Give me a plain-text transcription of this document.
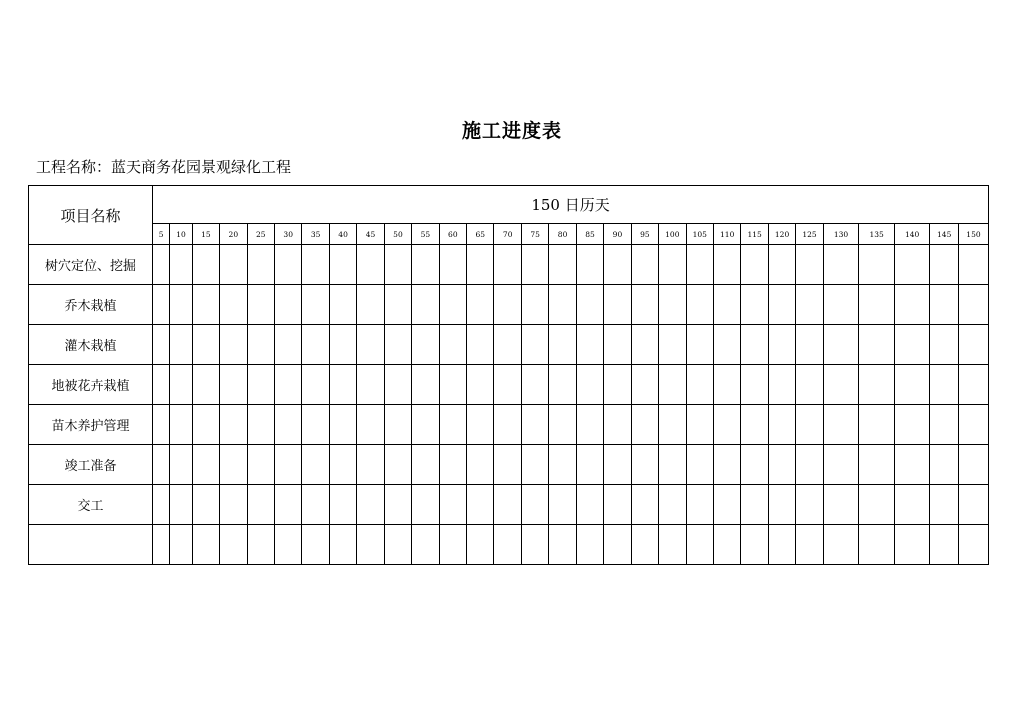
施工进度表
工程名称：蓝天商务花园景观绿化工程
项目名称	150 日历天																													
	5	10	15	20	25	30	35	40	45	50	55	60	65	70	75	80	85	90	95	100	105	110	115	120	125	130	135	140	145	150
树穴定位、挖掘																														
乔木栽植																														
灌木栽植																														
地被花卉栽植																														
苗木养护管理																														
竣工准备																														
交工																														
